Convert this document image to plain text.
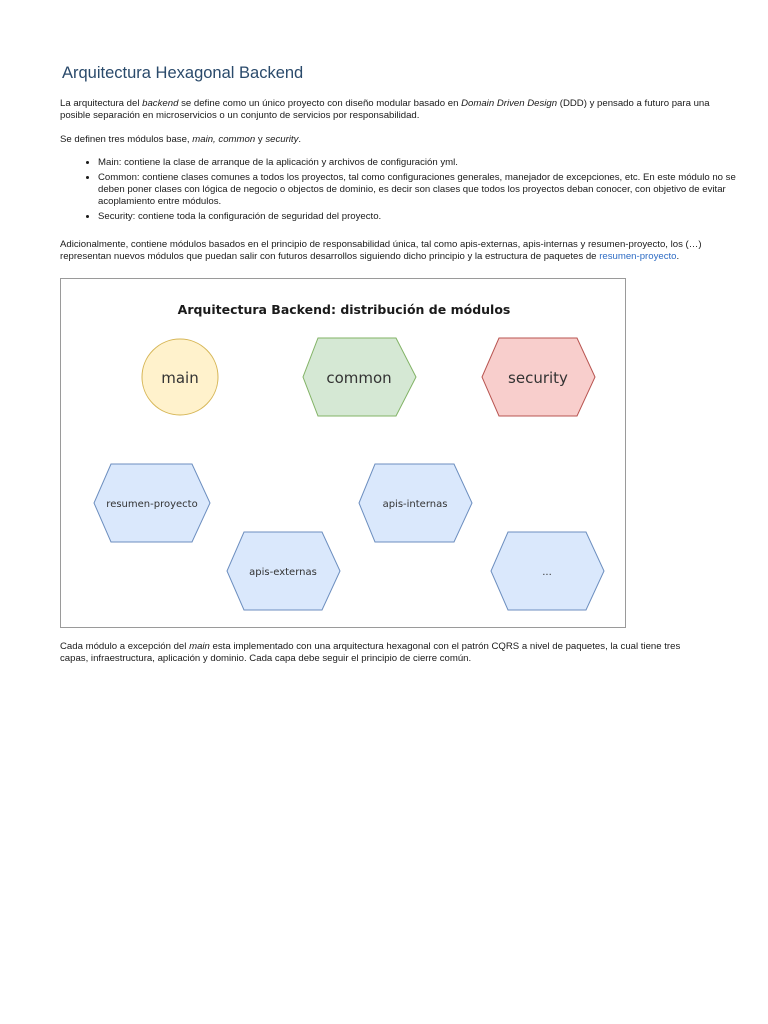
Arquitectura Hexagonal Backend

La arquitectura del backend se define como un único proyecto con diseño modular basado en Domain Driven Design (DDD) y pensado a futuro para una posible separación en microservicios o un conjunto de servicios por responsabilidad.

Se definen tres módulos base, main, common y security.

• Main: contiene la clase de arranque de la aplicación y archivos de configuración yml.
• Common: contiene clases comunes a todos los proyectos, tal como configuraciones generales, manejador de excepciones, etc. En este módulo no se deben poner clases con lógica de negocio o objectos de dominio, es decir son clases que todos los proyectos deban conocer, con objetivo de evitar acoplamiento entre módulos.
• Security: contiene toda la configuración de seguridad del proyecto.

Adicionalmente, contiene módulos basados en el principio de responsabilidad única, tal como apis-externas, apis-internas y resumen-proyecto, los (…) representan nuevos módulos que puedan salir con futuros desarrollos siguiendo dicho principio y la estructura de paquetes de resumen-proyecto.

Cada módulo a excepción del main esta implementado con una arquitectura hexagonal con el patrón CQRS a nivel de paquetes, la cual tiene tres capas, infraestructura, aplicación y dominio. Cada capa debe seguir el principio de cierre común.

Arquitectura Backend: distribución de módulos
main	common	security
resumen-proyecto	apis-internas
apis-externas	...
